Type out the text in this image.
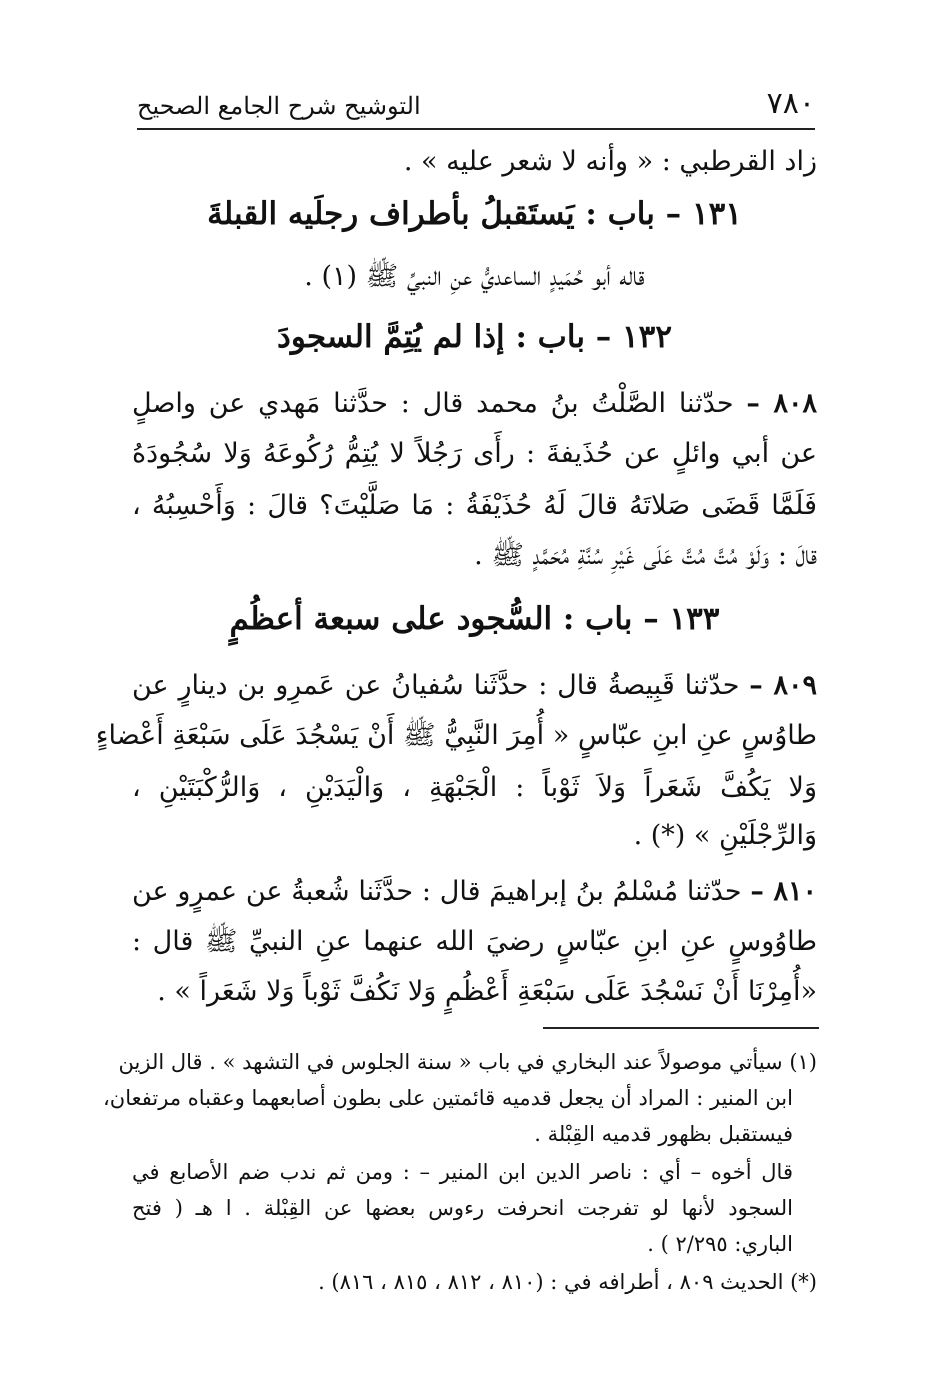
٧٨٠
التوشيح شرح الجامع الصحيح
زاد القرطبي : « وأنه لا شعر عليه » .
١٣١ – باب : يَستَقبلُ بأطراف رجلَيه القبلةَ
قاله أبو حُمَيدٍ الساعديُّ عنِ النبيِّ ﷺ (١) .
١٣٢ – باب : إذا لم يُتِمَّ السجودَ
٨٠٨ – حدّثنا الصَّلْتُ بنُ محمد قال : حدَّثنا مَهدي عن واصلٍ
عن أبي وائلٍ عن حُذَيفةَ : رأَى رَجُلاً لا يُتِمُّ رُكُوعَهُ وَلا سُجُودَهُ
فَلَمَّا قَضَى صَلاتَهُ قالَ لَهُ حُذَيْفَةُ : مَا صَلَّيْتَ؟ قالَ : وَأَحْسِبُهُ ،
قالَ : وَلَوْ مُتَّ مُتَّ عَلَى غَيْرِ سُنَّةِ مُحَمَّدٍ ﷺ .
١٣٣ – باب : السُّجود على سبعة أعظُمٍ
٨٠٩ – حدّثنا قَبِيصةُ قال : حدَّثَنا سُفيانُ عن عَمرِو بن دينارٍ عن
طاوُسٍ عنِ ابنِ عبّاسٍ « أُمِرَ النَّبِيُّ ﷺ أَنْ يَسْجُدَ عَلَى سَبْعَةِ أَعْضاءٍ
وَلا يَكُفَّ شَعَراً وَلاَ ثَوْباً : الْجَبْهَةِ ، وَالْيَدَيْنِ ، وَالرُّكْبَتَيْنِ ،
وَالرِّجْلَيْنِ » (*) .
٨١٠ – حدّثنا مُسْلمُ بنُ إبراهيمَ قال : حدَّثَنا شُعبةُ عن عمرٍو عن
طاوُوسٍ عنِ ابنِ عبّاسٍ رضيَ الله عنهما عنِ النبيِّ ﷺ قال :
«أُمِرْنَا أَنْ نَسْجُدَ عَلَى سَبْعَةِ أَعْظُمٍ وَلا نَكُفَّ ثَوْباً وَلا شَعَراً » .
(١) سيأتي موصولاً عند البخاري في باب « سنة الجلوس في التشهد » . قال الزين
ابن المنير : المراد أن يجعل قدميه قائمتين على بطون أصابعهما وعقباه مرتفعان،
فيستقبل بظهور قدميه القِبْلة .
قال أخوه – أي : ناصر الدين ابن المنير – : ومن ثم ندب ضم الأصابع في
السجود لأنها لو تفرجت انحرفت رءوس بعضها عن القِبْلة . ا هـ ( فتح
الباري: ٢/٢٩٥ ) .
(*) الحديث ٨٠٩ ، أطرافه في : (٨١٠ ، ٨١٢ ، ٨١٥ ، ٨١٦) .
